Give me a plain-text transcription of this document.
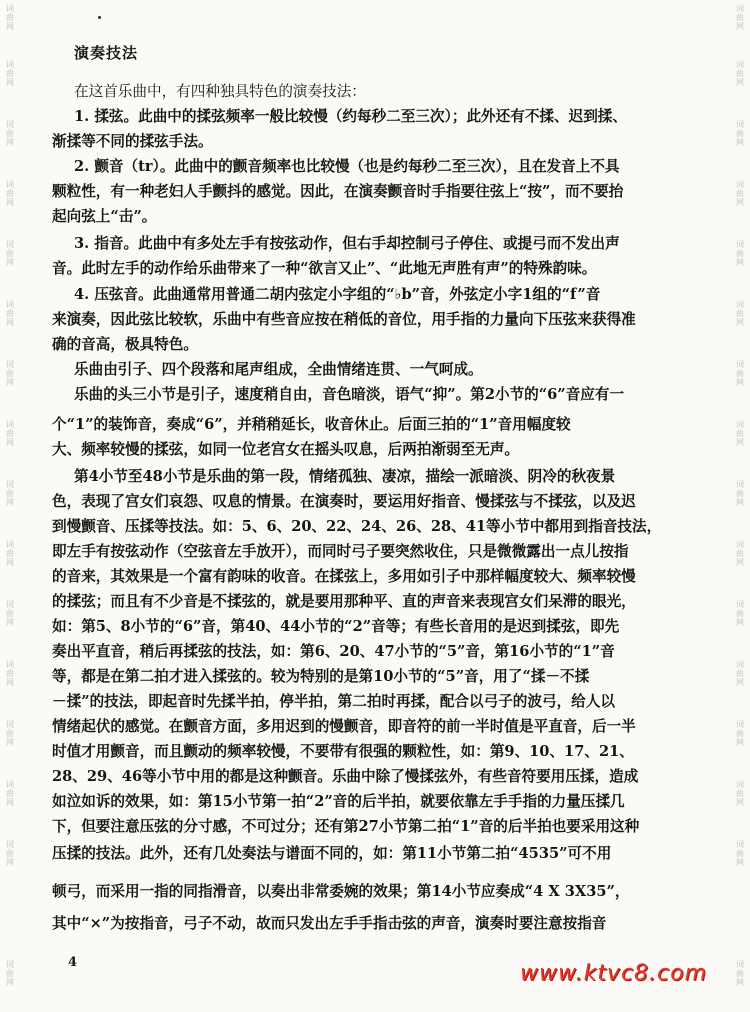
词曲网
词曲网
词曲网
词曲网
词曲网
词曲网
词曲网
词曲网
词曲网
词曲网
词曲网
词曲网
词曲网
词曲网
词曲网
词曲网
词曲网
词曲网
词曲网
词曲网
词曲网
词曲网
词曲网
词曲网
词曲网
词曲网
词曲网
词曲网
词曲网
词曲网
词曲网
词曲网
演奏技法
在这首乐曲中，有四种独具特色的演奏技法：
1. 揉弦。此曲中的揉弦频率一般比较慢（约每秒二至三次）；此外还有不揉、迟到揉、
渐揉等不同的揉弦手法。
2. 颤音（tr）。此曲中的颤音频率也比较慢（也是约每秒二至三次），且在发音上不具
颗粒性，有一种老妇人手颤抖的感觉。因此，在演奏颤音时手指要往弦上“按”，而不要抬
起向弦上“击”。
3. 指音。此曲中有多处左手有按弦动作，但右手却控制弓子停住、或提弓而不发出声
音。此时左手的动作给乐曲带来了一种“欲言又止”、“此地无声胜有声”的特殊韵味。
4. 压弦音。此曲通常用普通二胡内弦定小字组的“♭b”音，外弦定小字1组的“f”音
来演奏，因此弦比较软，乐曲中有些音应按在稍低的音位，用手指的力量向下压弦来获得准
确的音高，极具特色。
乐曲由引子、四个段落和尾声组成，全曲情绪连贯、一气呵成。
乐曲的头三小节是引子，速度稍自由，音色暗淡，语气“抑”。第2小节的“6”音应有一
个“1”的装饰音，奏成“6”，并稍稍延长，收音休止。后面三拍的“1”音用幅度较
大、频率较慢的揉弦，如同一位老宫女在摇头叹息，后两拍渐弱至无声。
第4小节至48小节是乐曲的第一段，情绪孤独、凄凉，描绘一派暗淡、阴冷的秋夜景
色，表现了宫女们哀怨、叹息的情景。在演奏时，要运用好指音、慢揉弦与不揉弦，以及迟
到慢颤音、压揉等技法。如：5、6、20、22、24、26、28、41等小节中都用到指音技法，
即左手有按弦动作（空弦音左手放开），而同时弓子要突然收住，只是微微露出一点儿按指
的音来，其效果是一个富有韵味的收音。在揉弦上，多用如引子中那样幅度较大、频率较慢
的揉弦；而且有不少音是不揉弦的，就是要用那种平、直的声音来表现宫女们呆滞的眼光，
如：第5、8小节的“6”音，第40、44小节的“2”音等；有些长音用的是迟到揉弦，即先
奏出平直音，稍后再揉弦的技法，如：第6、20、47小节的“5”音，第16小节的“1”音
等，都是在第二拍才进入揉弦的。较为特别的是第10小节的“5”音，用了“揉－不揉
－揉”的技法，即起音时先揉半拍，停半拍，第二拍时再揉，配合以弓子的波弓，给人以
情绪起伏的感觉。在颤音方面，多用迟到的慢颤音，即音符的前一半时值是平直音，后一半
时值才用颤音，而且颤动的频率较慢，不要带有很强的颗粒性，如：第9、10、17、21、
28、29、46等小节中用的都是这种颤音。乐曲中除了慢揉弦外，有些音符要用压揉，造成
如泣如诉的效果，如：第15小节第一拍“2”音的后半拍，就要依靠左手手指的力量压揉几
下，但要注意压弦的分寸感，不可过分；还有第27小节第二拍“1”音的后半拍也要采用这种
压揉的技法。此外，还有几处奏法与谱面不同的，如：第11小节第二拍“4535”可不用
顿弓，而采用一指的同指滑音，以奏出非常委婉的效果；第14小节应奏成“4 X 3X35”，
其中“×”为按指音，弓子不动，故而只发出左手手指击弦的声音，演奏时要注意按指音
4	www.ktvc8.com
